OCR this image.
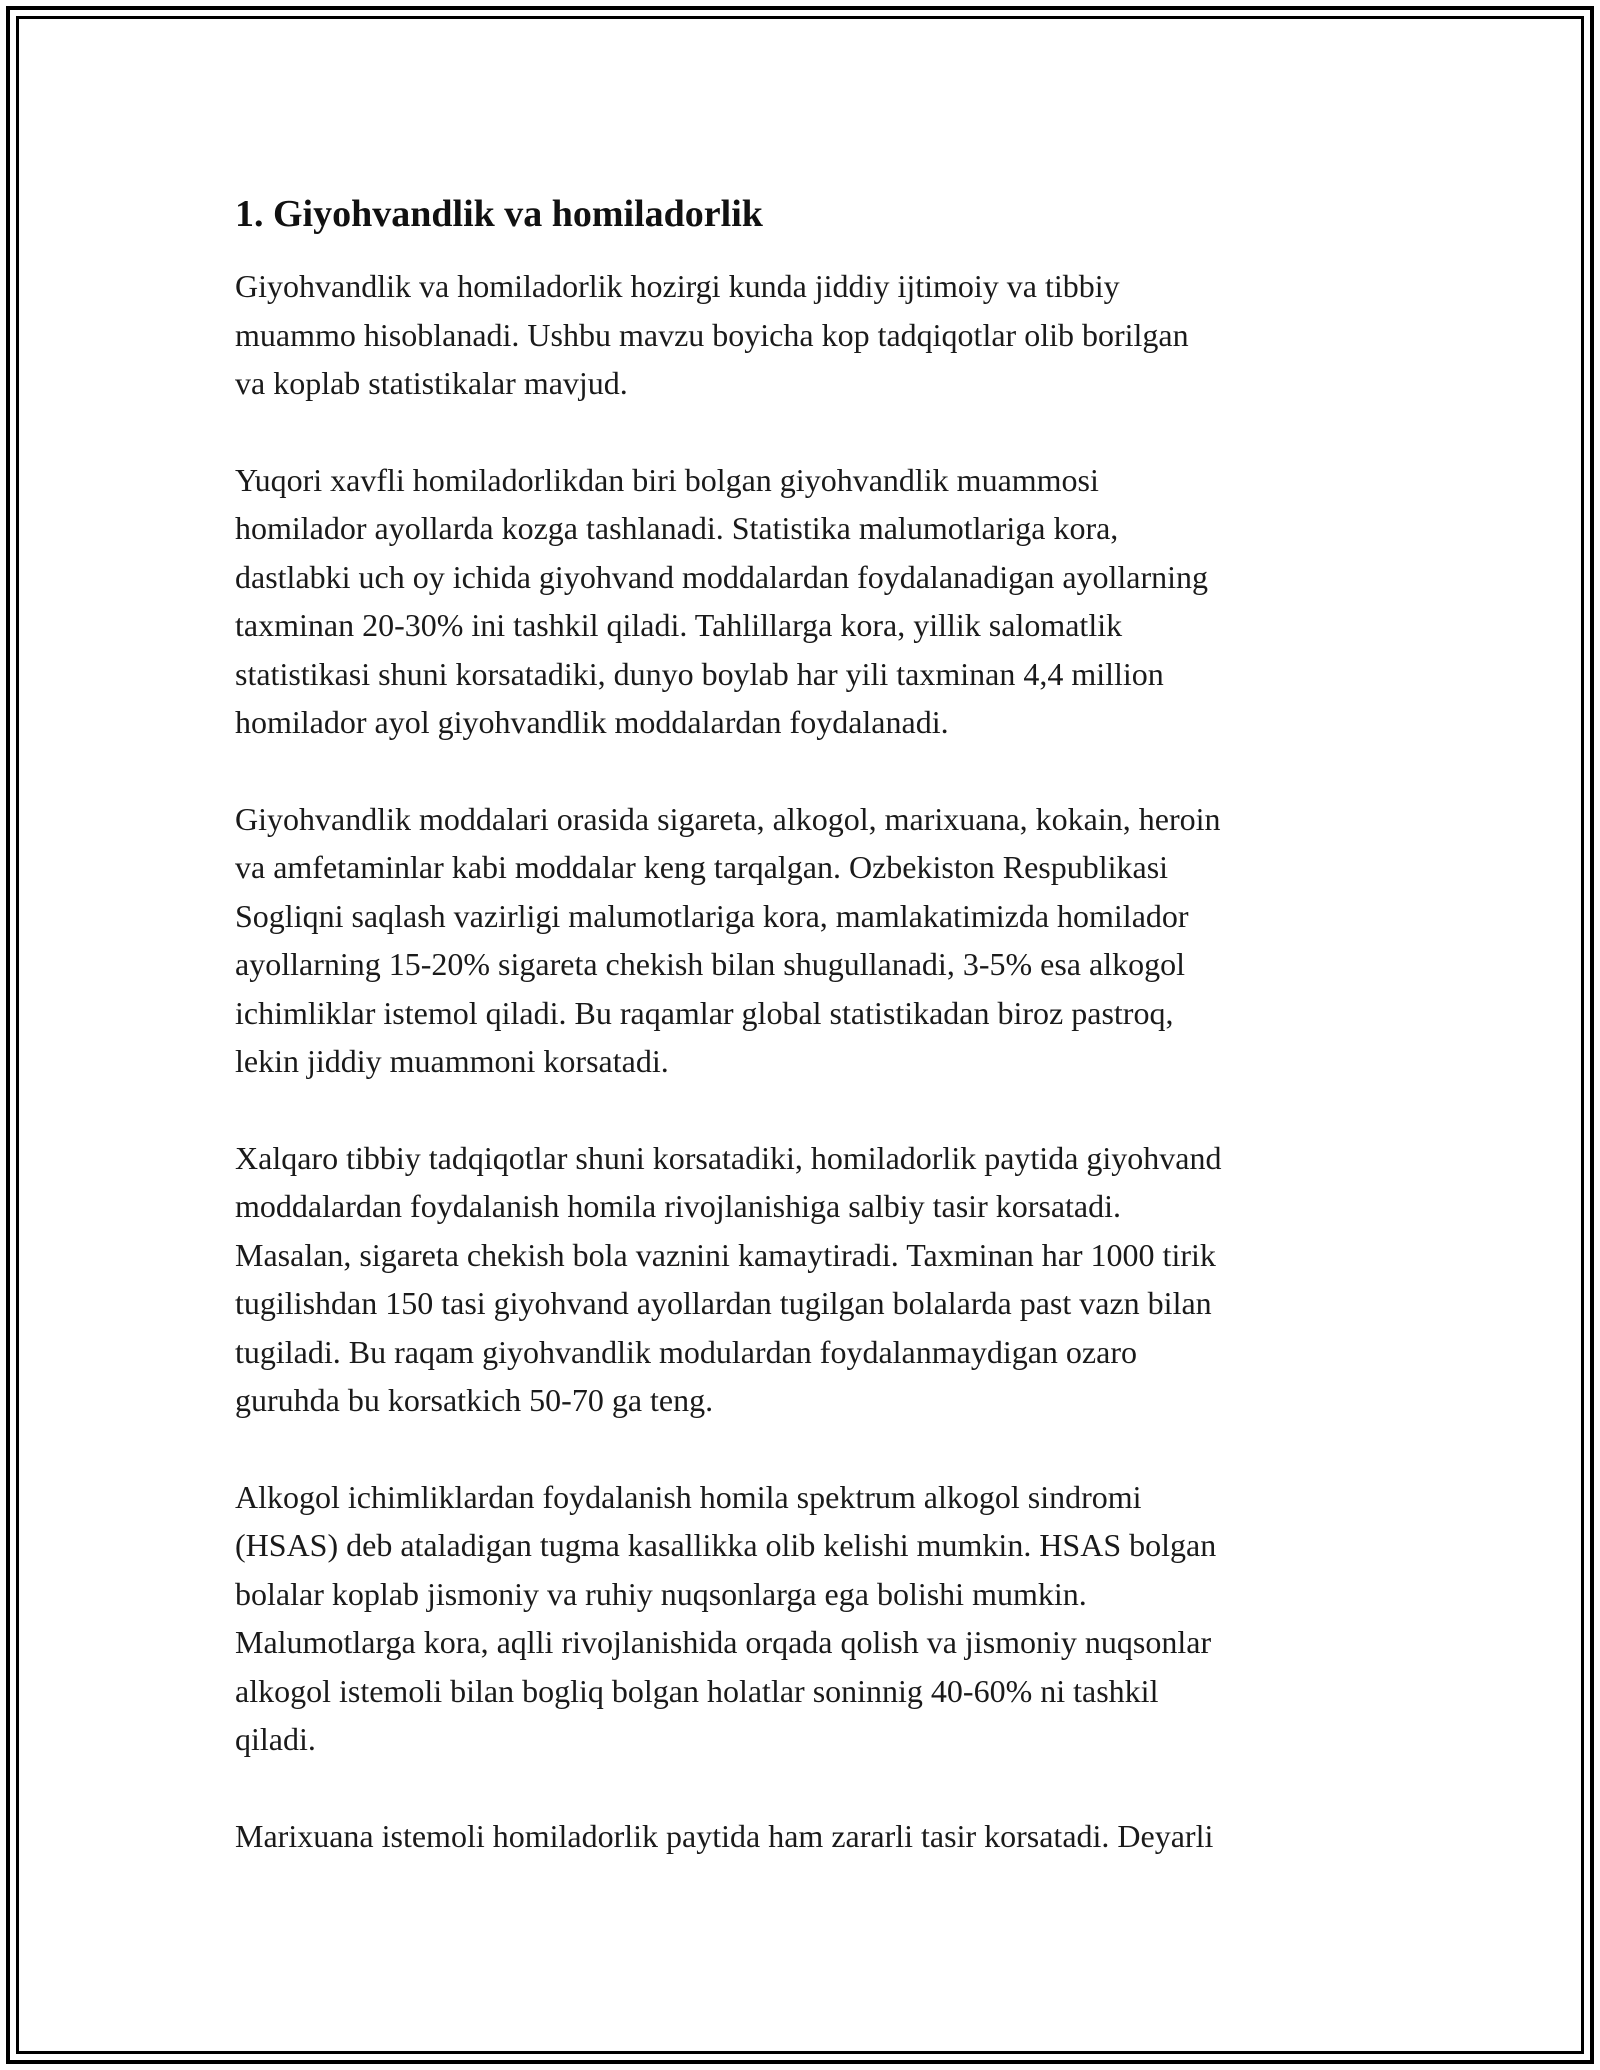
1. Giyohvandlik va homiladorlik

Giyohvandlik va homiladorlik hozirgi kunda jiddiy ijtimoiy va tibbiy
muammo hisoblanadi. Ushbu mavzu boyicha kop tadqiqotlar olib borilgan
va koplab statistikalar mavjud.

Yuqori xavfli homiladorlikdan biri bolgan giyohvandlik muammosi
homilador ayollarda kozga tashlanadi. Statistika malumotlariga kora,
dastlabki uch oy ichida giyohvand moddalardan foydalanadigan ayollarning
taxminan 20-30% ini tashkil qiladi. Tahlillarga kora, yillik salomatlik
statistikasi shuni korsatadiki, dunyo boylab har yili taxminan 4,4 million
homilador ayol giyohvandlik moddalardan foydalanadi.

Giyohvandlik moddalari orasida sigareta, alkogol, marixuana, kokain, heroin
va amfetaminlar kabi moddalar keng tarqalgan. Ozbekiston Respublikasi
Sogliqni saqlash vazirligi malumotlariga kora, mamlakatimizda homilador
ayollarning 15-20% sigareta chekish bilan shugullanadi, 3-5% esa alkogol
ichimliklar istemol qiladi. Bu raqamlar global statistikadan biroz pastroq,
lekin jiddiy muammoni korsatadi.

Xalqaro tibbiy tadqiqotlar shuni korsatadiki, homiladorlik paytida giyohvand
moddalardan foydalanish homila rivojlanishiga salbiy tasir korsatadi.
Masalan, sigareta chekish bola vaznini kamaytiradi. Taxminan har 1000 tirik
tugilishdan 150 tasi giyohvand ayollardan tugilgan bolalarda past vazn bilan
tugiladi. Bu raqam giyohvandlik modulardan foydalanmaydigan ozaro
guruhda bu korsatkich 50-70 ga teng.

Alkogol ichimliklardan foydalanish homila spektrum alkogol sindromi
(HSAS) deb ataladigan tugma kasallikka olib kelishi mumkin. HSAS bolgan
bolalar koplab jismoniy va ruhiy nuqsonlarga ega bolishi mumkin.
Malumotlarga kora, aqlli rivojlanishida orqada qolish va jismoniy nuqsonlar
alkogol istemoli bilan bogliq bolgan holatlar soninnig 40-60% ni tashkil
qiladi.

Marixuana istemoli homiladorlik paytida ham zararli tasir korsatadi. Deyarli
